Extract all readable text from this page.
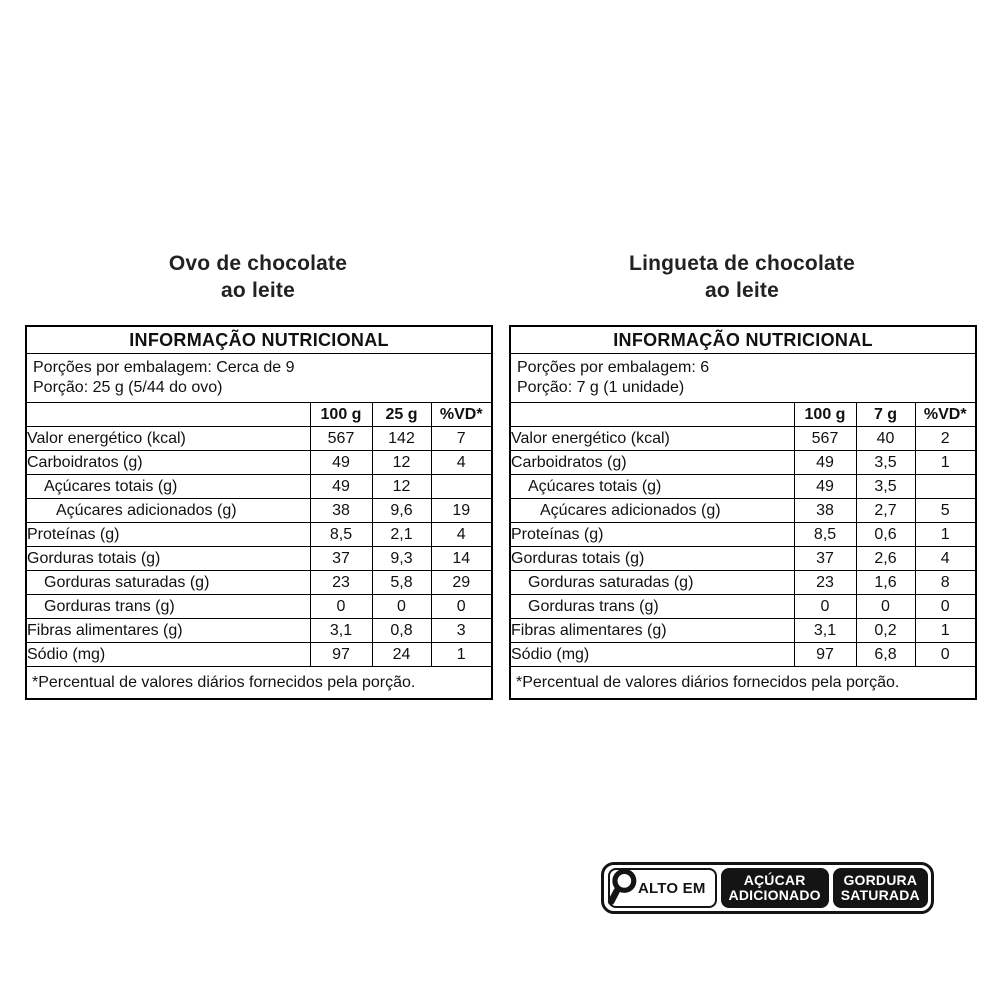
Ovo de chocolate
ao leite
INFORMAÇÃO NUTRICIONAL			

Porções por embalagem: Cerca de 9
Porção: 25 g (5/44 do ovo)			

	100 g	25 g	%VD*
Valor energético (kcal)	567	142	7
Carboidratos (g)	49	12	4
Açúcares totais (g)	49	12	
Açúcares adicionados (g)	38	9,6	19
Proteínas (g)	8,5	2,1	4
Gorduras totais (g)	37	9,3	14
Gorduras saturadas (g)	23	5,8	29
Gorduras trans (g)	0	0	0
Fibras alimentares (g)	3,1	0,8	3
Sódio (mg)	97	24	1
*Percentual de valores diários fornecidos pela porção.			
Lingueta de chocolate
ao leite
INFORMAÇÃO NUTRICIONAL			

Porções por embalagem: 6
Porção: 7 g (1 unidade)			

	100 g	7 g	%VD*
Valor energético (kcal)	567	40	2
Carboidratos (g)	49	3,5	1
Açúcares totais (g)	49	3,5	
Açúcares adicionados (g)	38	2,7	5
Proteínas (g)	8,5	0,6	1
Gorduras totais (g)	37	2,6	4
Gorduras saturadas (g)	23	1,6	8
Gorduras trans (g)	0	0	0
Fibras alimentares (g)	3,1	0,2	1
Sódio (mg)	97	6,8	0
*Percentual de valores diários fornecidos pela porção.			
ALTO EM	AÇÚCAR
ADICIONADO
GORDURA
SATURADA
